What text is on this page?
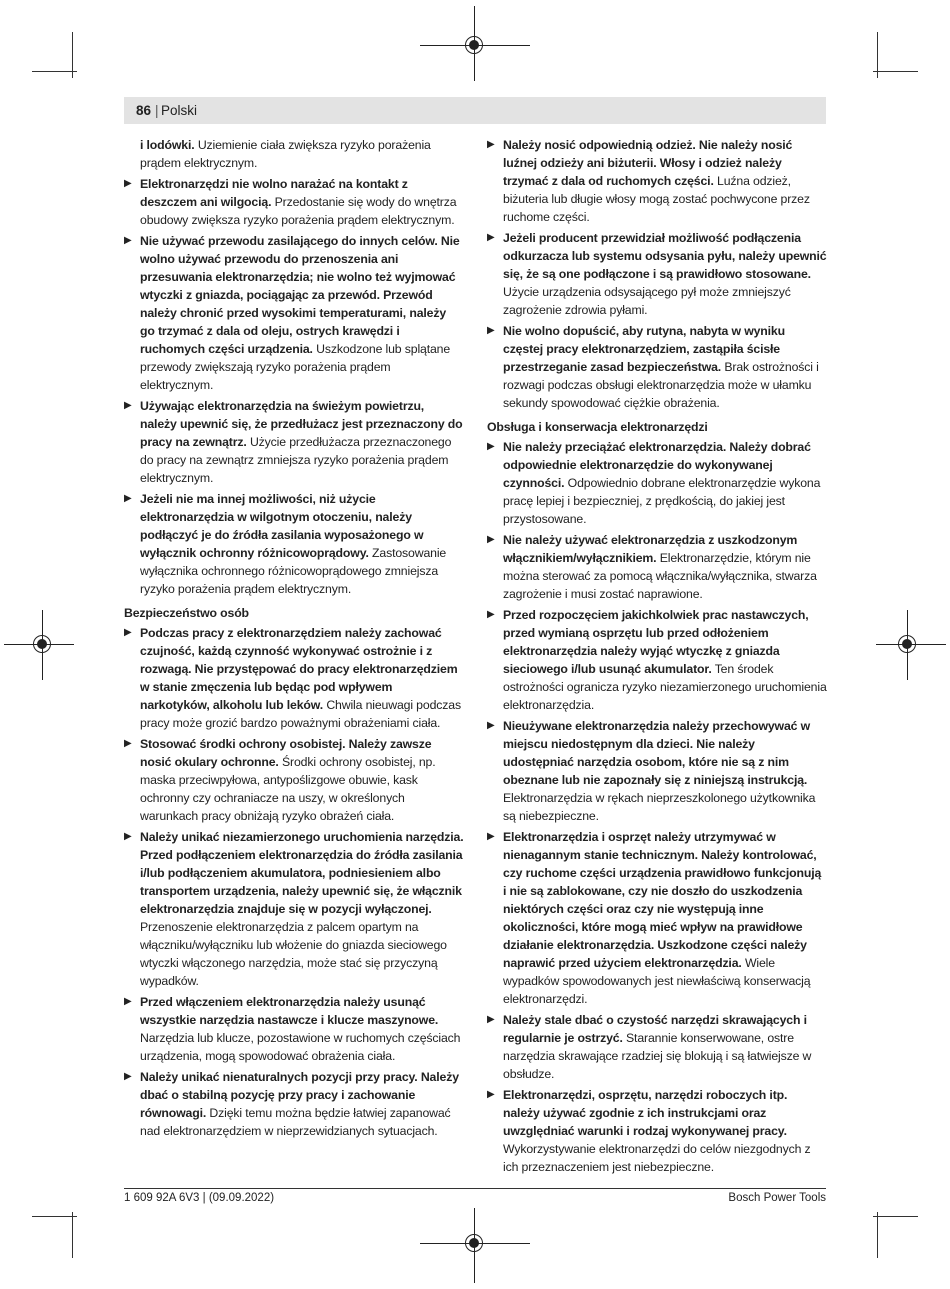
86 | Polski
i lodówki. Uziemienie ciała zwiększa ryzyko porażenia prądem elektrycznym.
▶ Elektronarzędzi nie wolno narażać na kontakt z deszczem ani wilgocią. Przedostanie się wody do wnętrza obudowy zwiększa ryzyko porażenia prądem elektrycznym.
▶ Nie używać przewodu zasilającego do innych celów. Nie wolno używać przewodu do przenoszenia ani przesuwania elektronarzędzia; nie wolno też wyjmować wtyczki z gniazda, pociągając za przewód. Przewód należy chronić przed wysokimi temperaturami, należy go trzymać z dala od oleju, ostrych krawędzi i ruchomych części urządzenia. Uszkodzone lub splątane przewody zwiększają ryzyko porażenia prądem elektrycznym.
▶ Używając elektronarzędzia na świeżym powietrzu, należy upewnić się, że przedłużacz jest przeznaczony do pracy na zewnątrz. Użycie przedłużacza przeznaczonego do pracy na zewnątrz zmniejsza ryzyko porażenia prądem elektrycznym.
▶ Jeżeli nie ma innej możliwości, niż użycie elektronarzędzia w wilgotnym otoczeniu, należy podłączyć je do źródła zasilania wyposażonego w wyłącznik ochronny różnicowoprądowy. Zastosowanie wyłącznika ochronnego różnicowoprądowego zmniejsza ryzyko porażenia prądem elektrycznym.
Bezpieczeństwo osób
▶ Podczas pracy z elektronarzędziem należy zachować czujność, każdą czynność wykonywać ostrożnie i z rozwagą. Nie przystępować do pracy elektronarzędziem w stanie zmęczenia lub będąc pod wpływem narkotyków, alkoholu lub leków. Chwila nieuwagi podczas pracy może grozić bardzo poważnymi obrażeniami ciała.
▶ Stosować środki ochrony osobistej. Należy zawsze nosić okulary ochronne. Środki ochrony osobistej, np. maska przeciwpyłowa, antypoślizgowe obuwie, kask ochronny czy ochraniacze na uszy, w określonych warunkach pracy obniżają ryzyko obrażeń ciała.
▶ Należy unikać niezamierzonego uruchomienia narzędzia. Przed podłączeniem elektronarzędzia do źródła zasilania i/lub podłączeniem akumulatora, podniesieniem albo transportem urządzenia, należy upewnić się, że włącznik elektronarzędzia znajduje się w pozycji wyłączonej. Przenoszenie elektronarzędzia z palcem opartym na włączniku/wyłączniku lub włożenie do gniazda sieciowego wtyczki włączonego narzędzia, może stać się przyczyną wypadków.
▶ Przed włączeniem elektronarzędzia należy usunąć wszystkie narzędzia nastawcze i klucze maszynowe. Narzędzia lub klucze, pozostawione w ruchomych częściach urządzenia, mogą spowodować obrażenia ciała.
▶ Należy unikać nienaturalnych pozycji przy pracy. Należy dbać o stabilną pozycję przy pracy i zachowanie równowagi. Dzięki temu można będzie łatwiej zapanować nad elektronarzędziem w nieprzewidzianych sytuacjach.
▶ Należy nosić odpowiednią odzież. Nie należy nosić luźnej odzieży ani biżuterii. Włosy i odzież należy trzymać z dala od ruchomych części. Luźna odzież, biżuteria lub długie włosy mogą zostać pochwycone przez ruchome części.
▶ Jeżeli producent przewidział możliwość podłączenia odkurzacza lub systemu odsysania pyłu, należy upewnić się, że są one podłączone i są prawidłowo stosowane. Użycie urządzenia odsysającego pył może zmniejszyć zagrożenie zdrowia pyłami.
▶ Nie wolno dopuścić, aby rutyna, nabyta w wyniku częstej pracy elektronarzędziem, zastąpiła ścisłe przestrzeganie zasad bezpieczeństwa. Brak ostrożności i rozwagi podczas obsługi elektronarzędzia może w ułamku sekundy spowodować ciężkie obrażenia.
Obsługa i konserwacja elektronarzędzi
▶ Nie należy przeciążać elektronarzędzia. Należy dobrać odpowiednie elektronarzędzie do wykonywanej czynności. Odpowiednio dobrane elektronarzędzie wykona pracę lepiej i bezpieczniej, z prędkością, do jakiej jest przystosowane.
▶ Nie należy używać elektronarzędzia z uszkodzonym włącznikiem/wyłącznikiem. Elektronarzędzie, którym nie można sterować za pomocą włącznika/wyłącznika, stwarza zagrożenie i musi zostać naprawione.
▶ Przed rozpoczęciem jakichkolwiek prac nastawczych, przed wymianą osprzętu lub przed odłożeniem elektronarzędzia należy wyjąć wtyczkę z gniazda sieciowego i/lub usunąć akumulator. Ten środek ostrożności ogranicza ryzyko niezamierzonego uruchomienia elektronarzędzia.
▶ Nieużywane elektronarzędzia należy przechowywać w miejscu niedostępnym dla dzieci. Nie należy udostępniać narzędzia osobom, które nie są z nim obeznane lub nie zapoznały się z niniejszą instrukcją. Elektronarzędzia w rękach nieprzeszkolonego użytkownika są niebezpieczne.
▶ Elektronarzędzia i osprzęt należy utrzymywać w nienagannym stanie technicznym. Należy kontrolować, czy ruchome części urządzenia prawidłowo funkcjonują i nie są zablokowane, czy nie doszło do uszkodzenia niektórych części oraz czy nie występują inne okoliczności, które mogą mieć wpływ na prawidłowe działanie elektronarzędzia. Uszkodzone części należy naprawić przed użyciem elektronarzędzia. Wiele wypadków spowodowanych jest niewłaściwą konserwacją elektronarzędzi.
▶ Należy stale dbać o czystość narzędzi skrawających i regularnie je ostrzyć. Starannie konserwowane, ostre narzędzia skrawające rzadziej się blokują i są łatwiejsze w obsłudze.
▶ Elektronarzędzi, osprzętu, narzędzi roboczych itp. należy używać zgodnie z ich instrukcjami oraz uwzględniać warunki i rodzaj wykonywanej pracy. Wykorzystywanie elektronarzędzi do celów niezgodnych z ich przeznaczeniem jest niebezpieczne.
1 609 92A 6V3 | (09.09.2022)	Bosch Power Tools
